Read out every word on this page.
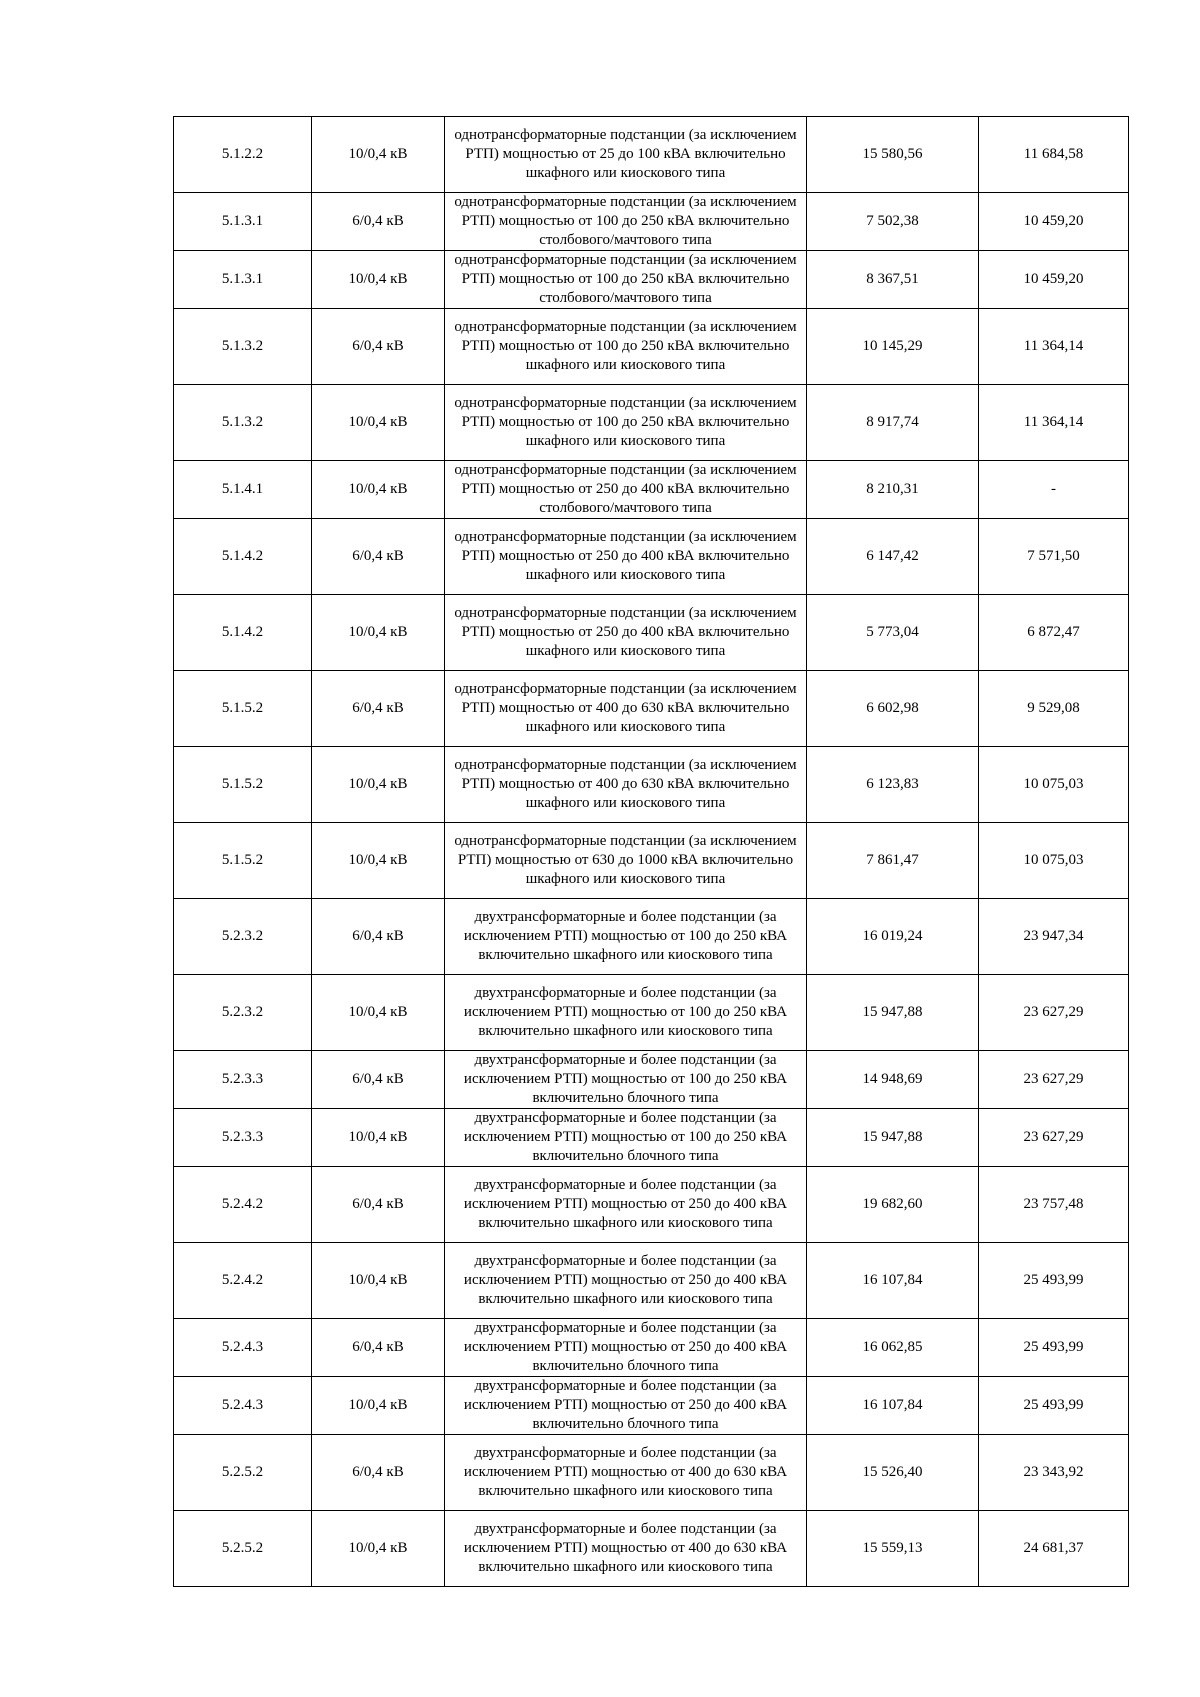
5.1.2.2	10/0,4 кВ	однотрансформаторные подстанции (за исключением РТП) мощностью от 25 до 100 кВА включительно шкафного или киоскового типа	15 580,56	11 684,58
5.1.3.1	6/0,4 кВ	однотрансформаторные подстанции (за исключением РТП) мощностью от 100 до 250 кВА включительно столбового/мачтового типа	7 502,38	10 459,20
5.1.3.1	10/0,4 кВ	однотрансформаторные подстанции (за исключением РТП) мощностью от 100 до 250 кВА включительно столбового/мачтового типа	8 367,51	10 459,20
5.1.3.2	6/0,4 кВ	однотрансформаторные подстанции (за исключением РТП) мощностью от 100 до 250 кВА включительно шкафного или киоскового типа	10 145,29	11 364,14
5.1.3.2	10/0,4 кВ	однотрансформаторные подстанции (за исключением РТП) мощностью от 100 до 250 кВА включительно шкафного или киоскового типа	8 917,74	11 364,14
5.1.4.1	10/0,4 кВ	однотрансформаторные подстанции (за исключением РТП) мощностью от 250 до 400 кВА включительно столбового/мачтового типа	8 210,31	-
5.1.4.2	6/0,4 кВ	однотрансформаторные подстанции (за исключением РТП) мощностью от 250 до 400 кВА включительно шкафного или киоскового типа	6 147,42	7 571,50
5.1.4.2	10/0,4 кВ	однотрансформаторные подстанции (за исключением РТП) мощностью от 250 до 400 кВА включительно шкафного или киоскового типа	5 773,04	6 872,47
5.1.5.2	6/0,4 кВ	однотрансформаторные подстанции (за исключением РТП) мощностью от 400 до 630 кВА включительно шкафного или киоскового типа	6 602,98	9 529,08
5.1.5.2	10/0,4 кВ	однотрансформаторные подстанции (за исключением РТП) мощностью от 400 до 630 кВА включительно шкафного или киоскового типа	6 123,83	10 075,03
5.1.5.2	10/0,4 кВ	однотрансформаторные подстанции (за исключением РТП) мощностью от 630 до 1000 кВА включительно шкафного или киоскового типа	7 861,47	10 075,03
5.2.3.2	6/0,4 кВ	двухтрансформаторные и более подстанции (за исключением РТП) мощностью от 100 до 250 кВА включительно шкафного или киоскового типа	16 019,24	23 947,34
5.2.3.2	10/0,4 кВ	двухтрансформаторные и более подстанции (за исключением РТП) мощностью от 100 до 250 кВА включительно шкафного или киоскового типа	15 947,88	23 627,29
5.2.3.3	6/0,4 кВ	двухтрансформаторные и более подстанции (за исключением РТП) мощностью от 100 до 250 кВА включительно блочного типа	14 948,69	23 627,29
5.2.3.3	10/0,4 кВ	двухтрансформаторные и более подстанции (за исключением РТП) мощностью от 100 до 250 кВА включительно блочного типа	15 947,88	23 627,29
5.2.4.2	6/0,4 кВ	двухтрансформаторные и более подстанции (за исключением РТП) мощностью от 250 до 400 кВА включительно шкафного или киоскового типа	19 682,60	23 757,48
5.2.4.2	10/0,4 кВ	двухтрансформаторные и более подстанции (за исключением РТП) мощностью от 250 до 400 кВА включительно шкафного или киоскового типа	16 107,84	25 493,99
5.2.4.3	6/0,4 кВ	двухтрансформаторные и более подстанции (за исключением РТП) мощностью от 250 до 400 кВА включительно блочного типа	16 062,85	25 493,99
5.2.4.3	10/0,4 кВ	двухтрансформаторные и более подстанции (за исключением РТП) мощностью от 250 до 400 кВА включительно блочного типа	16 107,84	25 493,99
5.2.5.2	6/0,4 кВ	двухтрансформаторные и более подстанции (за исключением РТП) мощностью от 400 до 630 кВА включительно шкафного или киоскового типа	15 526,40	23 343,92
5.2.5.2	10/0,4 кВ	двухтрансформаторные и более подстанции (за исключением РТП) мощностью от 400 до 630 кВА включительно шкафного или киоскового типа	15 559,13	24 681,37
